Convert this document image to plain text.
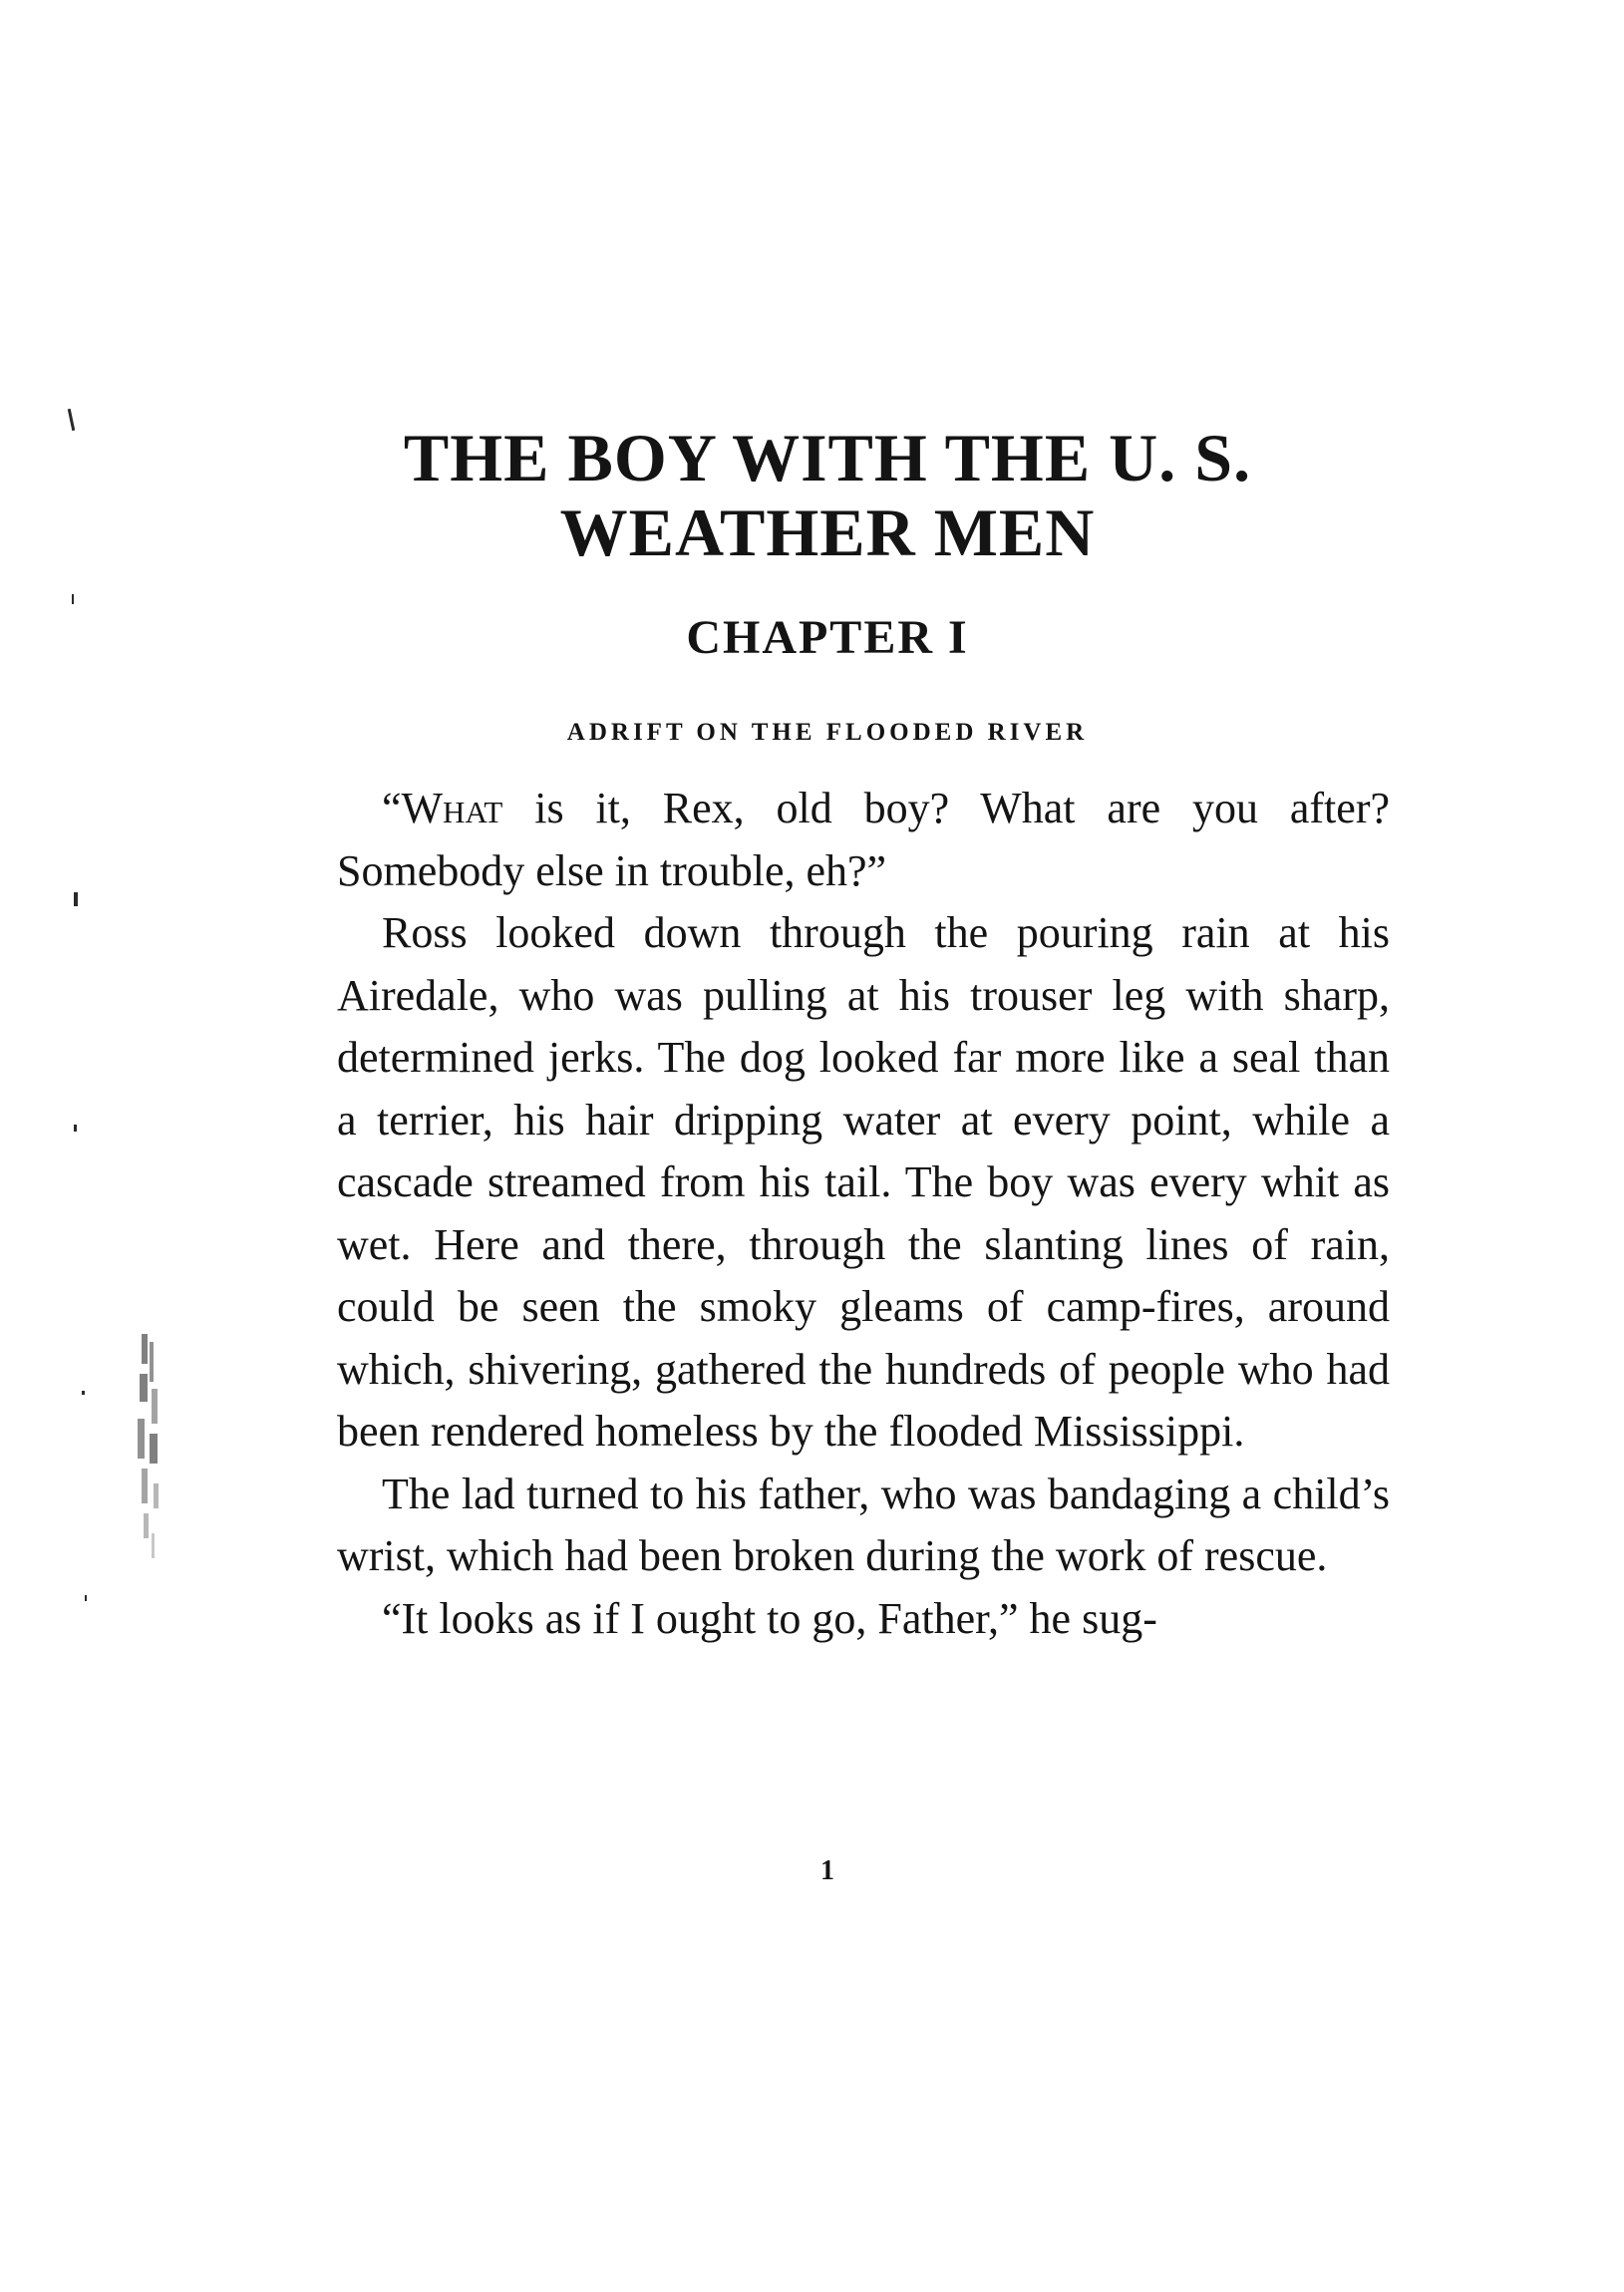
THE BOY WITH THE U. S.
WEATHER MEN
CHAPTER I
ADRIFT ON THE FLOODED RIVER

“What is it, Rex, old boy? What are you after? Somebody else in trouble, eh?”

Ross looked down through the pouring rain at his Airedale, who was pulling at his trouser leg with sharp, determined jerks. The dog looked far more like a seal than a terrier, his hair dripping water at every point, while a cascade streamed from his tail. The boy was every whit as wet. Here and there, through the slanting lines of rain, could be seen the smoky gleams of camp-fires, around which, shivering, gathered the hundreds of people who had been rendered homeless by the flooded Mississippi.

The lad turned to his father, who was bandaging a child’s wrist, which had been broken during the work of rescue.

“It looks as if I ought to go, Father,” he sug-

1
